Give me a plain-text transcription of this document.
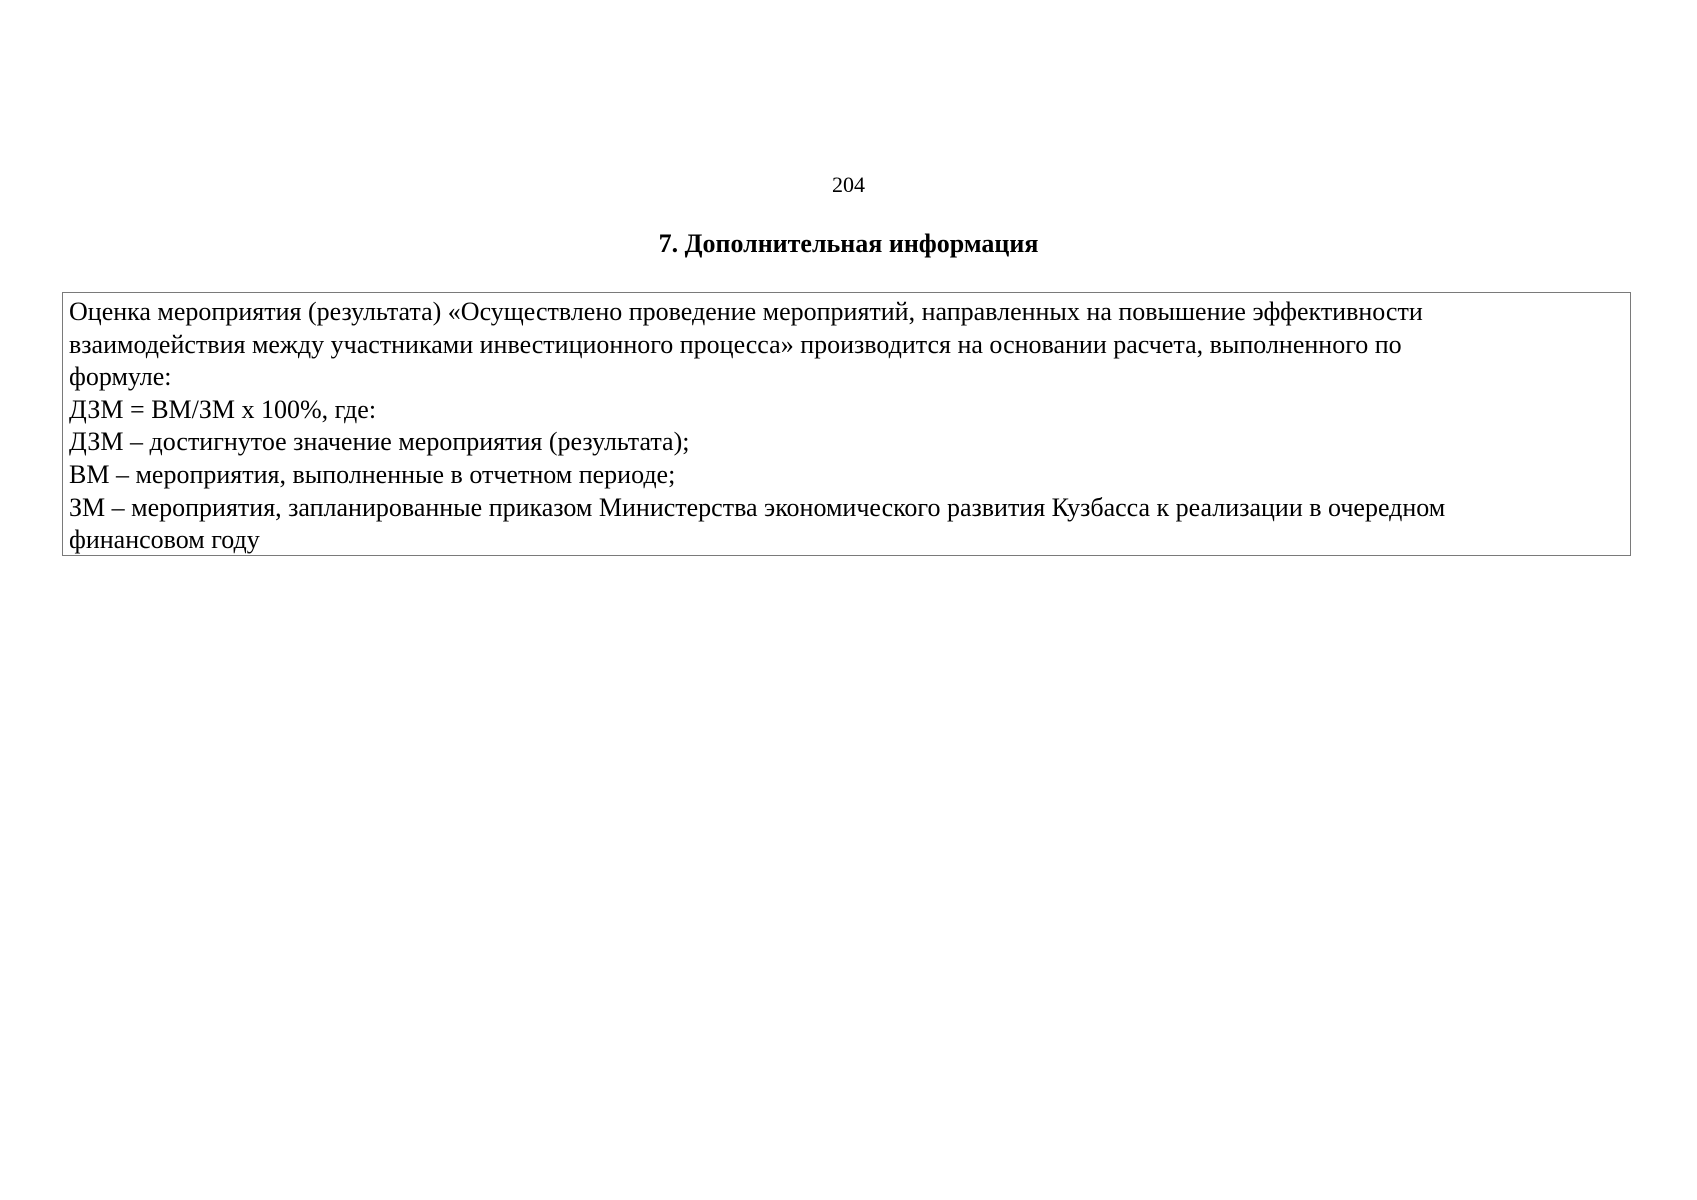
204
7. Дополнительная информация
Оценка мероприятия (результата) «Осуществлено проведение мероприятий, направленных на повышение эффективности
взаимодействия между участниками инвестиционного процесса» производится на основании расчета, выполненного по
формуле:
ДЗМ = ВМ/ЗМ х 100%, где:
ДЗМ – достигнутое значение мероприятия (результата);
ВМ – мероприятия, выполненные в отчетном периоде;
ЗМ – мероприятия, запланированные приказом Министерства экономического развития Кузбасса к реализации в очередном
финансовом году
